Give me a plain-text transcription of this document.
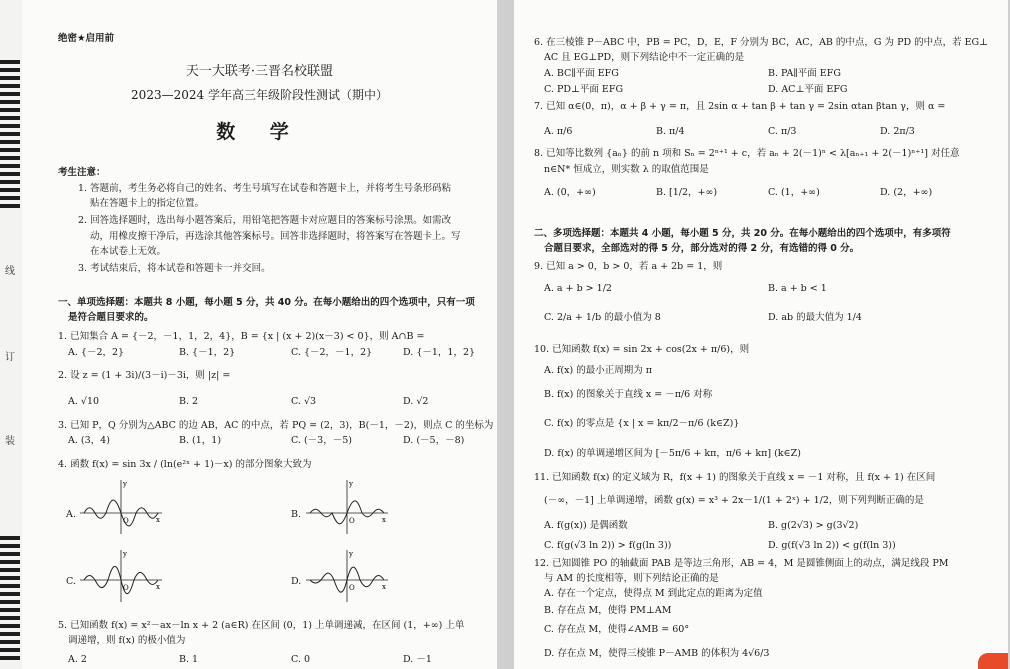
线
订
装
绝密★启用前
天一大联考·三晋名校联盟
2023—2024 学年高三年级阶段性测试（期中）
数 学
考生注意：
1. 答题前，考生务必将自己的姓名、考生号填写在试卷和答题卡上，并将考生号条形码粘
贴在答题卡上的指定位置。
2. 回答选择题时，选出每小题答案后，用铅笔把答题卡对应题目的答案标号涂黑。如需改
动，用橡皮擦干净后，再选涂其他答案标号。回答非选择题时，将答案写在答题卡上。写
在本试卷上无效。
3. 考试结束后，将本试卷和答题卡一并交回。
一、单项选择题：本题共 8 小题，每小题 5 分，共 40 分。在每小题给出的四个选项中，只有一项
是符合题目要求的。
1. 已知集合 A = {－2，－1，1，2，4}，B = {x | (x + 2)(x－3) < 0}，则 A∩B =
A. {－2，2}	B. {－1，2}	C. {－2，－1，2}	D. {－1，1，2}
2. 设 z = (1 + 3i)/(3－i)－3i，则 |z| =
A. √10	B. 2	C. √3	D. √2
3. 已知 P，Q 分别为△ABC 的边 AB，AC 的中点，若 PQ = (2，3)，B(－1，－2)，则点 C 的坐标为
A. (3，4)	B. (1，1)	C. (－3，－5)	D. (－5，－8)
4. 函数 f(x) = sin 3x / (ln(e²ˣ + 1)－x) 的部分图象大致为
A.
O	x
y
B.
O	x
y
C.
O	x
y
D.
O	x
y
5. 已知函数 f(x) = x²－ax－ln x + 2 (a∈R) 在区间 (0，1) 上单调递减，在区间 (1，+∞) 上单
调递增，则 f(x) 的极小值为
A. 2	B. 1	C. 0	D. －1
6. 在三棱锥 P－ABC 中，PB = PC，D，E，F 分别为 BC，AC，AB 的中点，G 为 PD 的中点，若 EG⊥
AC 且 EG⊥PD，则下列结论中不一定正确的是
A. BC∥平面 EFG	B. PA∥平面 EFG
C. PD⊥平面 EFG	D. AC⊥平面 EFG
7. 已知 α∈(0，π)，α + β + γ = π，且 2sin α + tan β + tan γ = 2sin αtan βtan γ，则 α =
A. π/6	B. π/4	C. π/3	D. 2π/3
8. 已知等比数列 {aₙ} 的前 n 项和 Sₙ = 2ⁿ⁺¹ + c，若 aₙ + 2(－1)ⁿ < λ[aₙ₊₁ + 2(－1)ⁿ⁺¹] 对任意
n∈N* 恒成立，则实数 λ 的取值范围是
A. (0，+∞)	B. [1/2，+∞)	C. (1，+∞)	D. (2，+∞)
二、多项选择题：本题共 4 小题，每小题 5 分，共 20 分。在每小题给出的四个选项中，有多项符
合题目要求，全部选对的得 5 分，部分选对的得 2 分，有选错的得 0 分。
9. 已知 a > 0，b > 0，若 a + 2b = 1，则
A. a + b > 1/2	B. a + b < 1
C. 2/a + 1/b 的最小值为 8	D. ab 的最大值为 1/4
10. 已知函数 f(x) = sin 2x + cos(2x + π/6)，则
A. f(x) 的最小正周期为 π
B. f(x) 的图象关于直线 x = －π/6 对称
C. f(x) 的零点是 {x | x = kπ/2－π/6 (k∈Z)}
D. f(x) 的单调递增区间为 [－5π/6 + kπ，π/6 + kπ] (k∈Z)
11. 已知函数 f(x) 的定义域为 R，f(x + 1) 的图象关于直线 x = －1 对称，且 f(x + 1) 在区间
(－∞，－1] 上单调递增，函数 g(x) = x³ + 2x－1/(1 + 2ˣ) + 1/2，则下列判断正确的是
A. f(g(x)) 是偶函数	B. g(2√3) > g(3√2)
C. f(g(√3 ln 2)) > f(g(ln 3))	D. g(f(√3 ln 2)) < g(f(ln 3))
12. 已知圆锥 PO 的轴截面 PAB 是等边三角形，AB = 4，M 是圆锥侧面上的动点，满足线段 PM
与 AM 的长度相等，则下列结论正确的是
A. 存在一个定点，使得点 M 到此定点的距离为定值
B. 存在点 M，使得 PM⊥AM
C. 存在点 M，使得∠AMB = 60°
D. 存在点 M，使得三棱锥 P－AMB 的体积为 4√6/3
